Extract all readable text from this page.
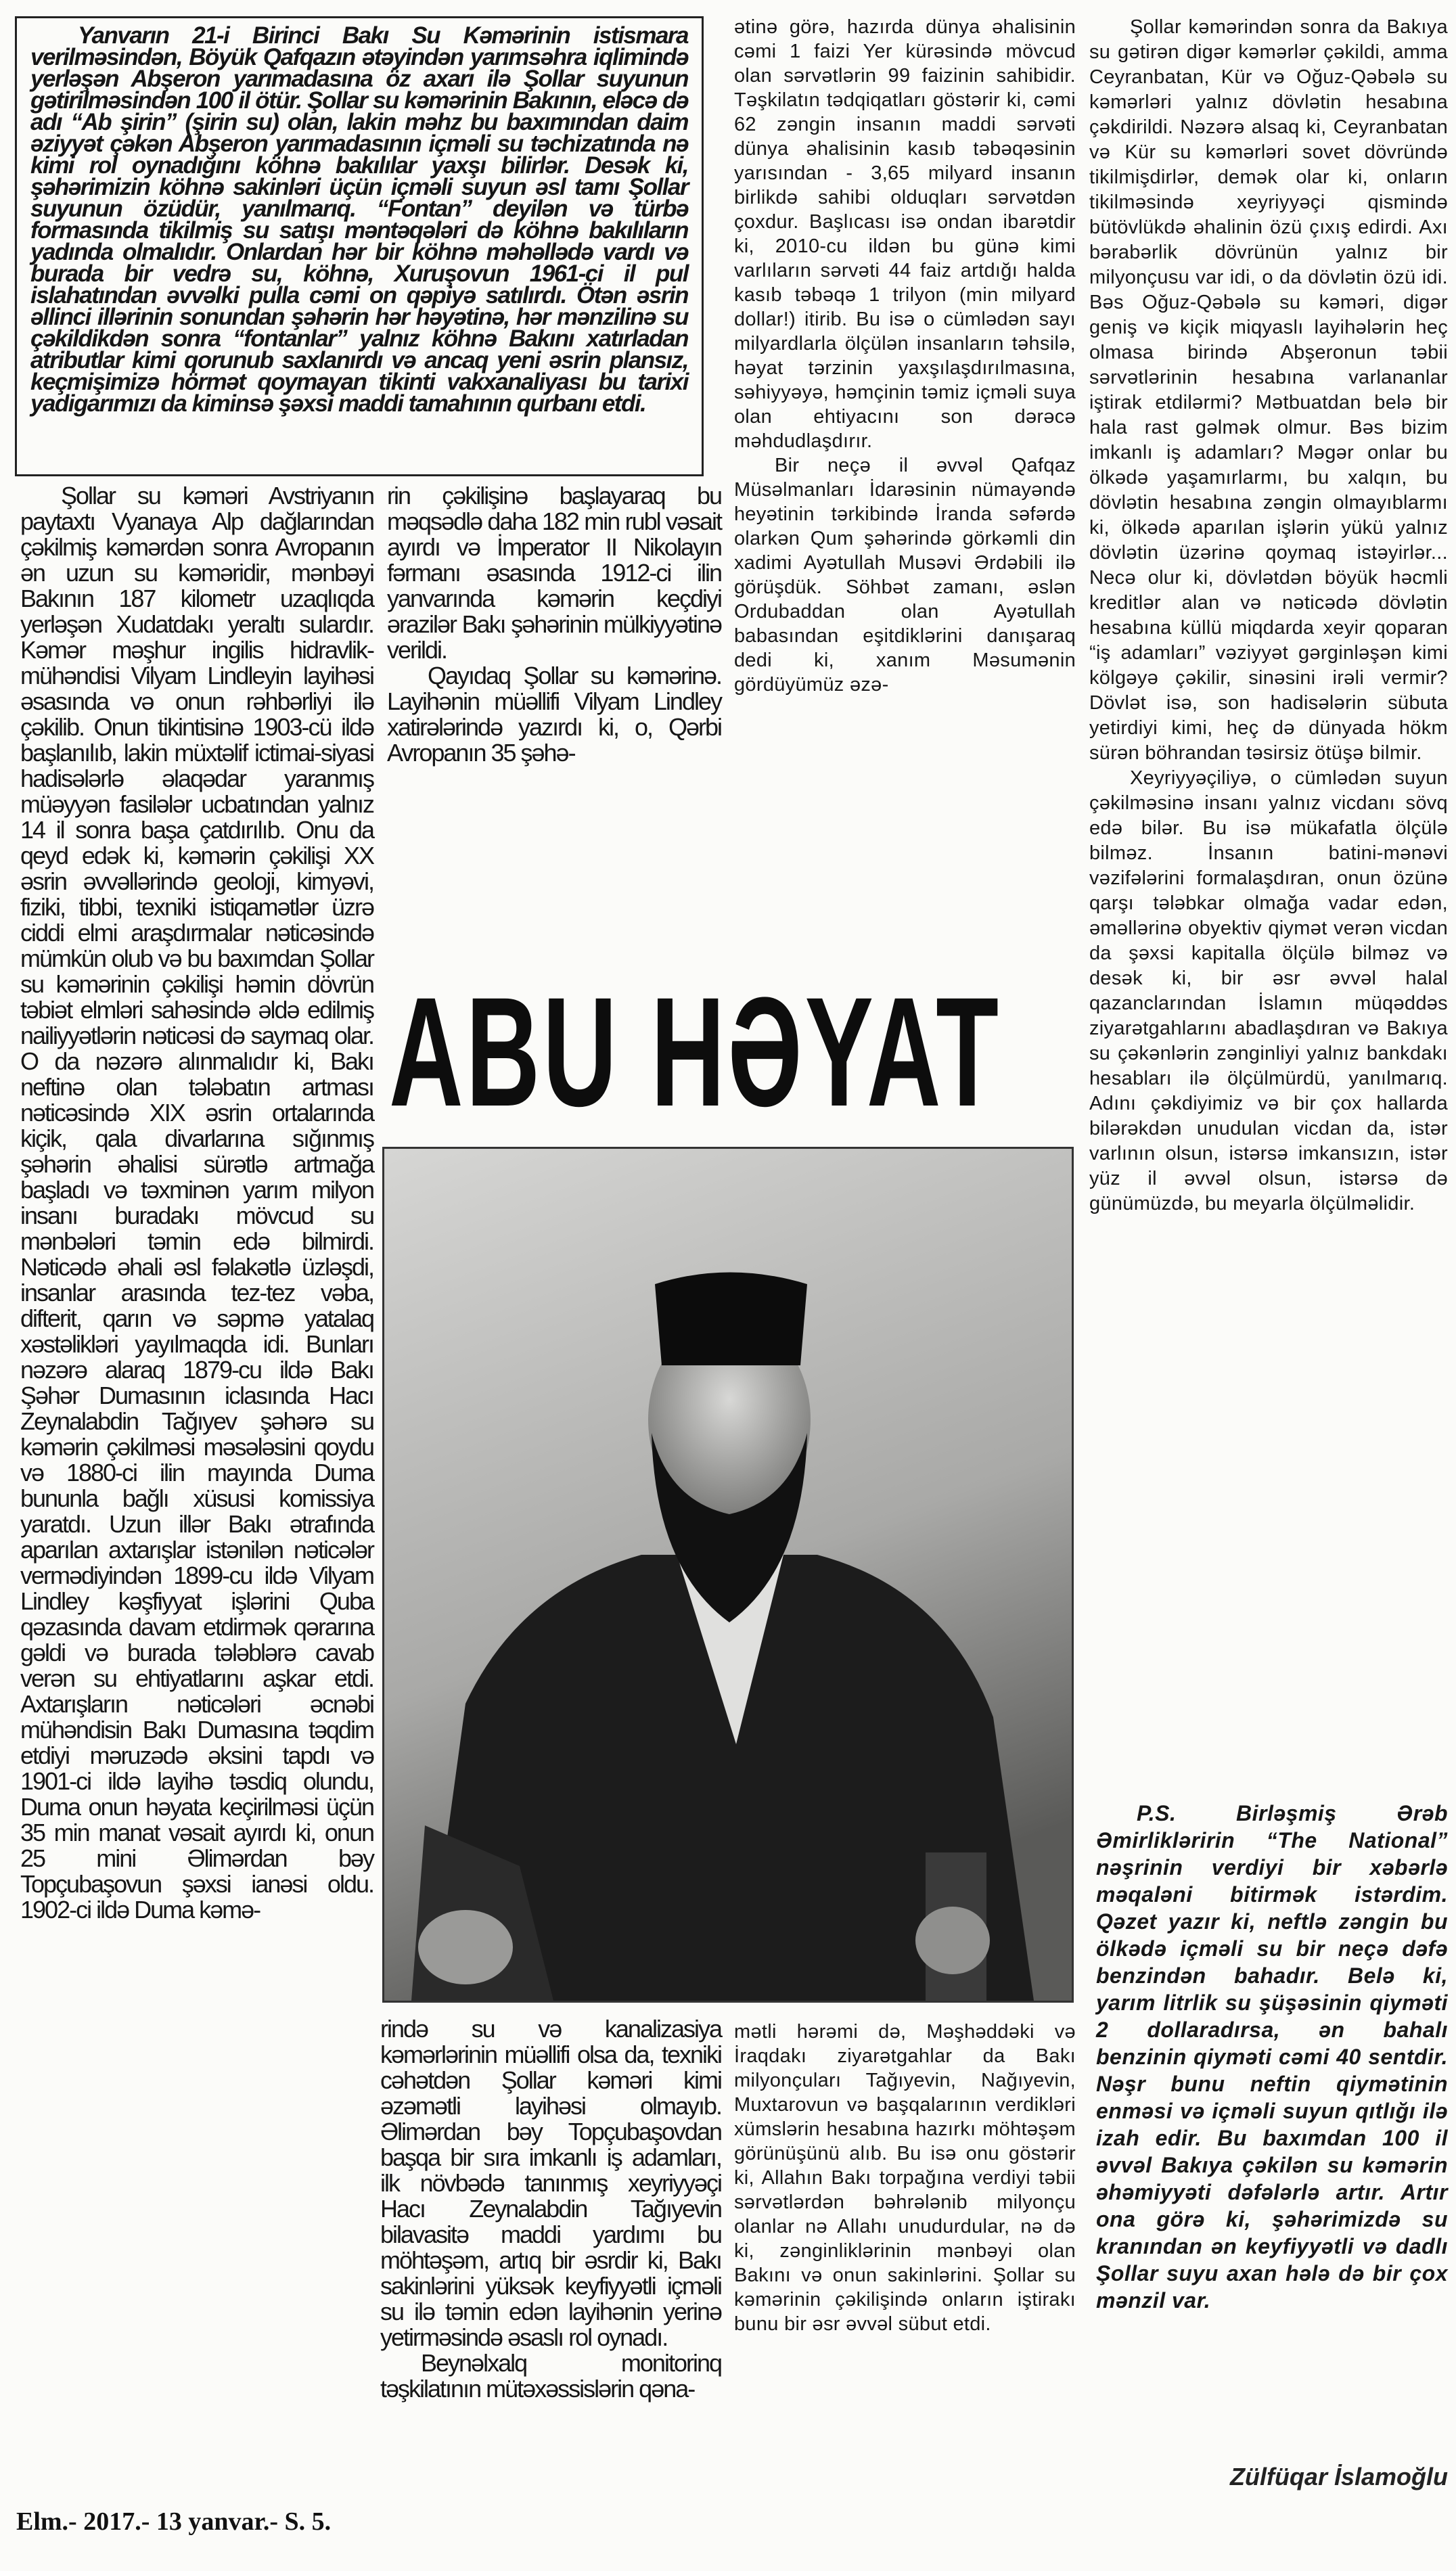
Yanvarın 21-i Birinci Bakı Su Kəmərinin istismara verilməsindən, Böyük Qafqazın ətəyindən yarımsəhra iqlimində yerləşən Abşeron yarımadasına öz axarı ilə Şollar suyunun gətirilməsindən 100 il ötür. Şollar su kəmərinin Bakının, eləcə də adı “Ab şirin” (şirin su) olan, lakin məhz bu baxımından daim əziyyət çəkən Abşeron yarımadasının içməli su təchizatında nə kimi rol oynadığını köhnə bakılılar yaxşı bilirlər. Desək ki, şəhərimizin köhnə sakinləri üçün içməli suyun əsl tamı Şollar suyunun özüdür, yanılmarıq. “Fontan” deyilən və türbə formasında tikilmiş su satışı məntəqələri də köhnə bakılıların yadında olmalıdır. Onlardan hər bir köhnə məhəllədə vardı və burada bir vedrə su, köhnə, Xuruşovun 1961-ci il pul islahatından əvvəlki pulla cəmi on qəpiyə satılırdı. Ötən əsrin əllinci illərinin sonundan şəhərin hər həyətinə, hər mənzilinə su çəkildikdən sonra “fontanlar” yalnız köhnə Bakını xatırladan atributlar kimi qorunub saxlanırdı və ancaq yeni əsrin plansız, keçmişimizə hörmət qoymayan tikinti vakxanaliyası bu tarixi yadigarımızı da kiminsə şəxsi maddi tamahının qurbanı etdi.

Şollar su kəməri Avstriyanın paytaxtı Vyanaya Alp dağlarından çəkilmiş kəmərdən sonra Avropanın ən uzun su kəməridir, mənbəyi Bakının 187 kilometr uzaqlıqda yerləşən Xudatdakı yeraltı sulardır. Kəmər məşhur ingilis hidravlik-mühəndisi Vilyam Lindleyin layihəsi əsasında və onun rəhbərliyi ilə çəkilib. Onun tikintisinə 1903-cü ildə başlanılıb, lakin müxtəlif ictimai-siyasi hadisələrlə əlaqədar yaranmış müəyyən fasilələr ucbatından yalnız 14 il sonra başa çatdırılıb. Onu da qeyd edək ki, kəmərin çəkilişi XX əsrin əvvəllərində geoloji, kimyəvi, fiziki, tibbi, texniki istiqamətlər üzrə ciddi elmi araşdırmalar nəticəsində mümkün olub və bu baxımdan Şollar su kəmərinin çəkilişi həmin dövrün təbiət elmləri sahəsində əldə edilmiş nailiyyətlərin nəticəsi də saymaq olar. O da nəzərə alınmalıdır ki, Bakı neftinə olan tələbatın artması nəticəsində XIX əsrin ortalarında kiçik, qala divarlarına sığınmış şəhərin əhalisi sürətlə artmağa başladı və təxminən yarım milyon insanı buradakı mövcud su mənbələri təmin edə bilmirdi. Nəticədə əhali əsl fəlakətlə üzləşdi, insanlar arasında tez-tez vəba, difterit, qarın və səpmə yatalaq xəstəlikləri yayılmaqda idi. Bunları nəzərə alaraq 1879-cu ildə Bakı Şəhər Dumasının iclasında Hacı Zeynalabdin Tağıyev şəhərə su kəmərin çəkilməsi məsələsini qoydu və 1880-ci ilin mayında Duma bununla bağlı xüsusi komissiya yaratdı. Uzun illər Bakı ətrafında aparılan axtarışlar istənilən nəticələr vermədiyindən 1899-cu ildə Vilyam Lindley kəşfiyyat işlərini Quba qəzasında davam etdirmək qərarına gəldi və burada tələblərə cavab verən su ehtiyatlarını aşkar etdi. Axtarışların nəticələri əcnəbi mühəndisin Bakı Dumasına təqdim etdiyi məruzədə əksini tapdı və 1901-ci ildə layihə təsdiq olundu, Duma onun həyata keçirilməsi üçün 35 min manat vəsait ayırdı ki, onun 25 mini Əlimərdan bəy Topçubaşovun şəxsi ianəsi oldu. 1902-ci ildə Duma kəmə-

rin çəkilişinə başlayaraq bu məqsədlə daha 182 min rubl vəsait ayırdı və İmperator II Nikolayın fərmanı əsasında 1912-ci ilin yanvarında kəmərin keçdiyi ərazilər Bakı şəhərinin mülkiyyətinə verildi.

Qayıdaq Şollar su kəmərinə. Layihənin müəllifi Vilyam Lindley xatirələrində yazırdı ki, o, Qərbi Avropanın 35 şəhə-

ətinə görə, hazırda dünya əhalisinin cəmi 1 faizi Yer kürəsində mövcud olan sərvətlərin 99 faizinin sahibidir. Təşkilatın tədqiqatları göstərir ki, cəmi 62 zəngin insanın maddi sərvəti dünya əhalisinin kasıb təbəqəsinin yarısından - 3,65 milyard insanın birlikdə sahibi olduqları sərvətdən çoxdur. Başlıcası isə ondan ibarətdir ki, 2010-cu ildən bu günə kimi varlıların sərvəti 44 faiz artdığı halda kasıb təbəqə 1 trilyon (min milyard dollar!) itirib. Bu isə o cümlədən sayı milyardlarla ölçülən insanların təhsilə, həyat tərzinin yaxşılaşdırılmasına, səhiyyəyə, həmçinin təmiz içməli suya olan ehtiyacını son dərəcə məhdudlaşdırır.

Bir neçə il əvvəl Qafqaz Müsəlmanları İdarəsinin nümayəndə heyətinin tərkibində İranda səfərdə olarkən Qum şəhərində görkəmli din xadimi Ayətullah Musəvi Ərdəbili ilə görüşdük. Söhbət zamanı, əslən Ordubaddan olan Ayətullah babasından eşitdiklərini danışaraq dedi ki, xanım Məsumənin gördüyümüz əzə-

Şollar kəmərindən sonra da Bakıya su gətirən digər kəmərlər çəkildi, amma Ceyranbatan, Kür və Oğuz-Qəbələ su kəmərləri yalnız dövlətin hesabına çəkdirildi. Nəzərə alsaq ki, Ceyranbatan və Kür su kəmərləri sovet dövründə tikilmişdirlər, demək olar ki, onların tikilməsində xeyriyyəçi qismində bütövlükdə əhalinin özü çıxış edirdi. Axı bərabərlik dövrünün yalnız bir milyonçusu var idi, o da dövlətin özü idi. Bəs Oğuz-Qəbələ su kəməri, digər geniş və kiçik miqyaslı layihələrin heç olmasa birində Abşeronun təbii sərvətlərinin hesabına varlananlar iştirak etdilərmi? Mətbuatdan belə bir hala rast gəlmək olmur. Bəs bizim imkanlı iş adamları? Məgər onlar bu ölkədə yaşamırlarmı, bu xalqın, bu dövlətin hesabına zəngin olmayıblarmı ki, ölkədə aparılan işlərin yükü yalnız dövlətin üzərinə qoymaq istəyirlər... Necə olur ki, dövlətdən böyük həcmli kreditlər alan və nəticədə dövlətin hesabına küllü miqdarda xeyir qoparan “iş adamları” vəziyyət gərginləşən kimi kölgəyə çəkilir, sinəsini irəli vermir? Dövlət isə, son hadisələrin sübuta yetirdiyi kimi, heç də dünyada hökm sürən böhrandan təsirsiz ötüşə bilmir.

Xeyriyyəçiliyə, o cümlədən suyun çəkilməsinə insanı yalnız vicdanı sövq edə bilər. Bu isə mükafatla ölçülə bilməz. İnsanın batini-mənəvi vəzifələrini formalaşdıran, onun özünə qarşı tələbkar olmağa vadar edən, əməllərinə obyektiv qiymət verən vicdan da şəxsi kapitalla ölçülə bilməz və desək ki, bir əsr əvvəl halal qazanclarından İslamın müqəddəs ziyarətgahlarını abadlaşdıran və Bakıya su çəkənlərin zənginliyi yalnız bankdakı hesabları ilə ölçülmürdü, yanılmarıq. Adını çəkdiyimiz və bir çox hallarda bilərəkdən unudulan vicdan da, istər varlının olsun, istərsə imkansızın, istər yüz il əvvəl olsun, istərsə də günümüzdə, bu meyarla ölçülməlidir.

ABU HƏYAT

rində su və kanalizasiya kəmərlərinin müəllifi olsa da, texniki cəhətdən Şollar kəməri kimi əzəmətli layihəsi olmayıb. Əlimərdan bəy Topçubaşovdan başqa bir sıra imkanlı iş adamları, ilk növbədə tanınmış xeyriyyəçi Hacı Zeynalabdin Tağıyevin bilavasitə maddi yardımı bu möhtəşəm, artıq bir əsrdir ki, Bakı sakinlərini yüksək keyfiyyətli içməli su ilə təmin edən layihənin yerinə yetirməsində əsaslı rol oynadı.

Beynəlxalq monitorinq təşkilatının mütəxəssislərin qəna-

mətli hərəmi də, Məşhəddəki və İraqdakı ziyarətgahlar da Bakı milyonçuları Tağıyevin, Nağıyevin, Muxtarovun və başqalarının verdikləri xümslərin hesabına hazırkı möhtəşəm görünüşünü alıb. Bu isə onu göstərir ki, Allahın Bakı torpağına verdiyi təbii sərvətlərdən bəhrələnib milyonçu olanlar nə Allahı unudurdular, nə də ki, zənginliklərinin mənbəyi olan Bakını və onun sakinlərini. Şollar su kəmərinin çəkilişində onların iştirakı bunu bir əsr əvvəl sübut etdi.

P.S. Birləşmiş Ərəb Əmirlikləririn “The National” nəşrinin verdiyi bir xəbərlə məqaləni bitirmək istərdim. Qəzet yazır ki, neftlə zəngin bu ölkədə içməli su bir neçə dəfə benzindən bahadır. Belə ki, yarım litrlik su şüşəsinin qiyməti 2 dollaradırsa, ən bahalı benzinin qiyməti cəmi 40 sentdir. Nəşr bunu neftin qiymətinin enməsi və içməli suyun qıtlığı ilə izah edir. Bu baxımdan 100 il əvvəl Bakıya çəkilən su kəmərin əhəmiyyəti dəfələrlə artır. Artır ona görə ki, şəhərimizdə su kranından ən keyfiyyətli və dadlı Şollar suyu axan hələ də bir çox mənzil var.

Zülfüqar İslamoğlu
Elm.- 2017.- 13 yanvar.- S. 5.
